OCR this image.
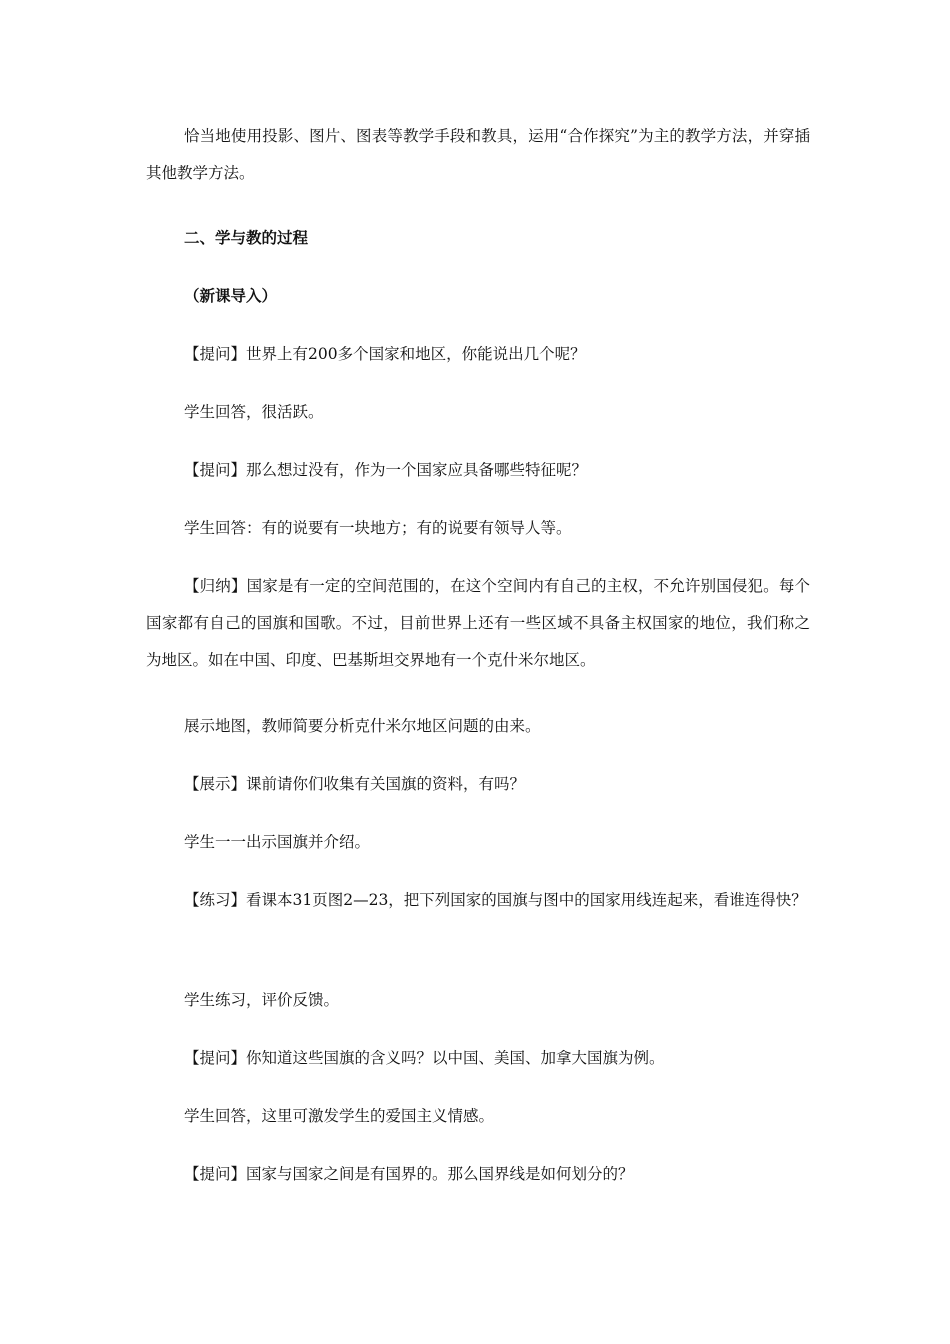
恰当地使用投影、图片、图表等教学手段和教具，运用“合作探究”为主的教学方法，并穿插其他教学方法。

二、学与教的过程

（新课导入）

【提问】世界上有200多个国家和地区，你能说出几个呢？

学生回答，很活跃。

【提问】那么想过没有，作为一个国家应具备哪些特征呢？

学生回答：有的说要有一块地方；有的说要有领导人等。

【归纳】国家是有一定的空间范围的，在这个空间内有自己的主权，不允许别国侵犯。每个国家都有自己的国旗和国歌。不过，目前世界上还有一些区域不具备主权国家的地位，我们称之为地区。如在中国、印度、巴基斯坦交界地有一个克什米尔地区。

展示地图，教师简要分析克什米尔地区问题的由来。

【展示】课前请你们收集有关国旗的资料，有吗？

学生一一出示国旗并介绍。

【练习】看课本31页图2—23，把下列国家的国旗与图中的国家用线连起来，看谁连得快？

学生练习，评价反馈。

【提问】你知道这些国旗的含义吗？以中国、美国、加拿大国旗为例。

学生回答，这里可激发学生的爱国主义情感。

【提问】国家与国家之间是有国界的。那么国界线是如何划分的？
